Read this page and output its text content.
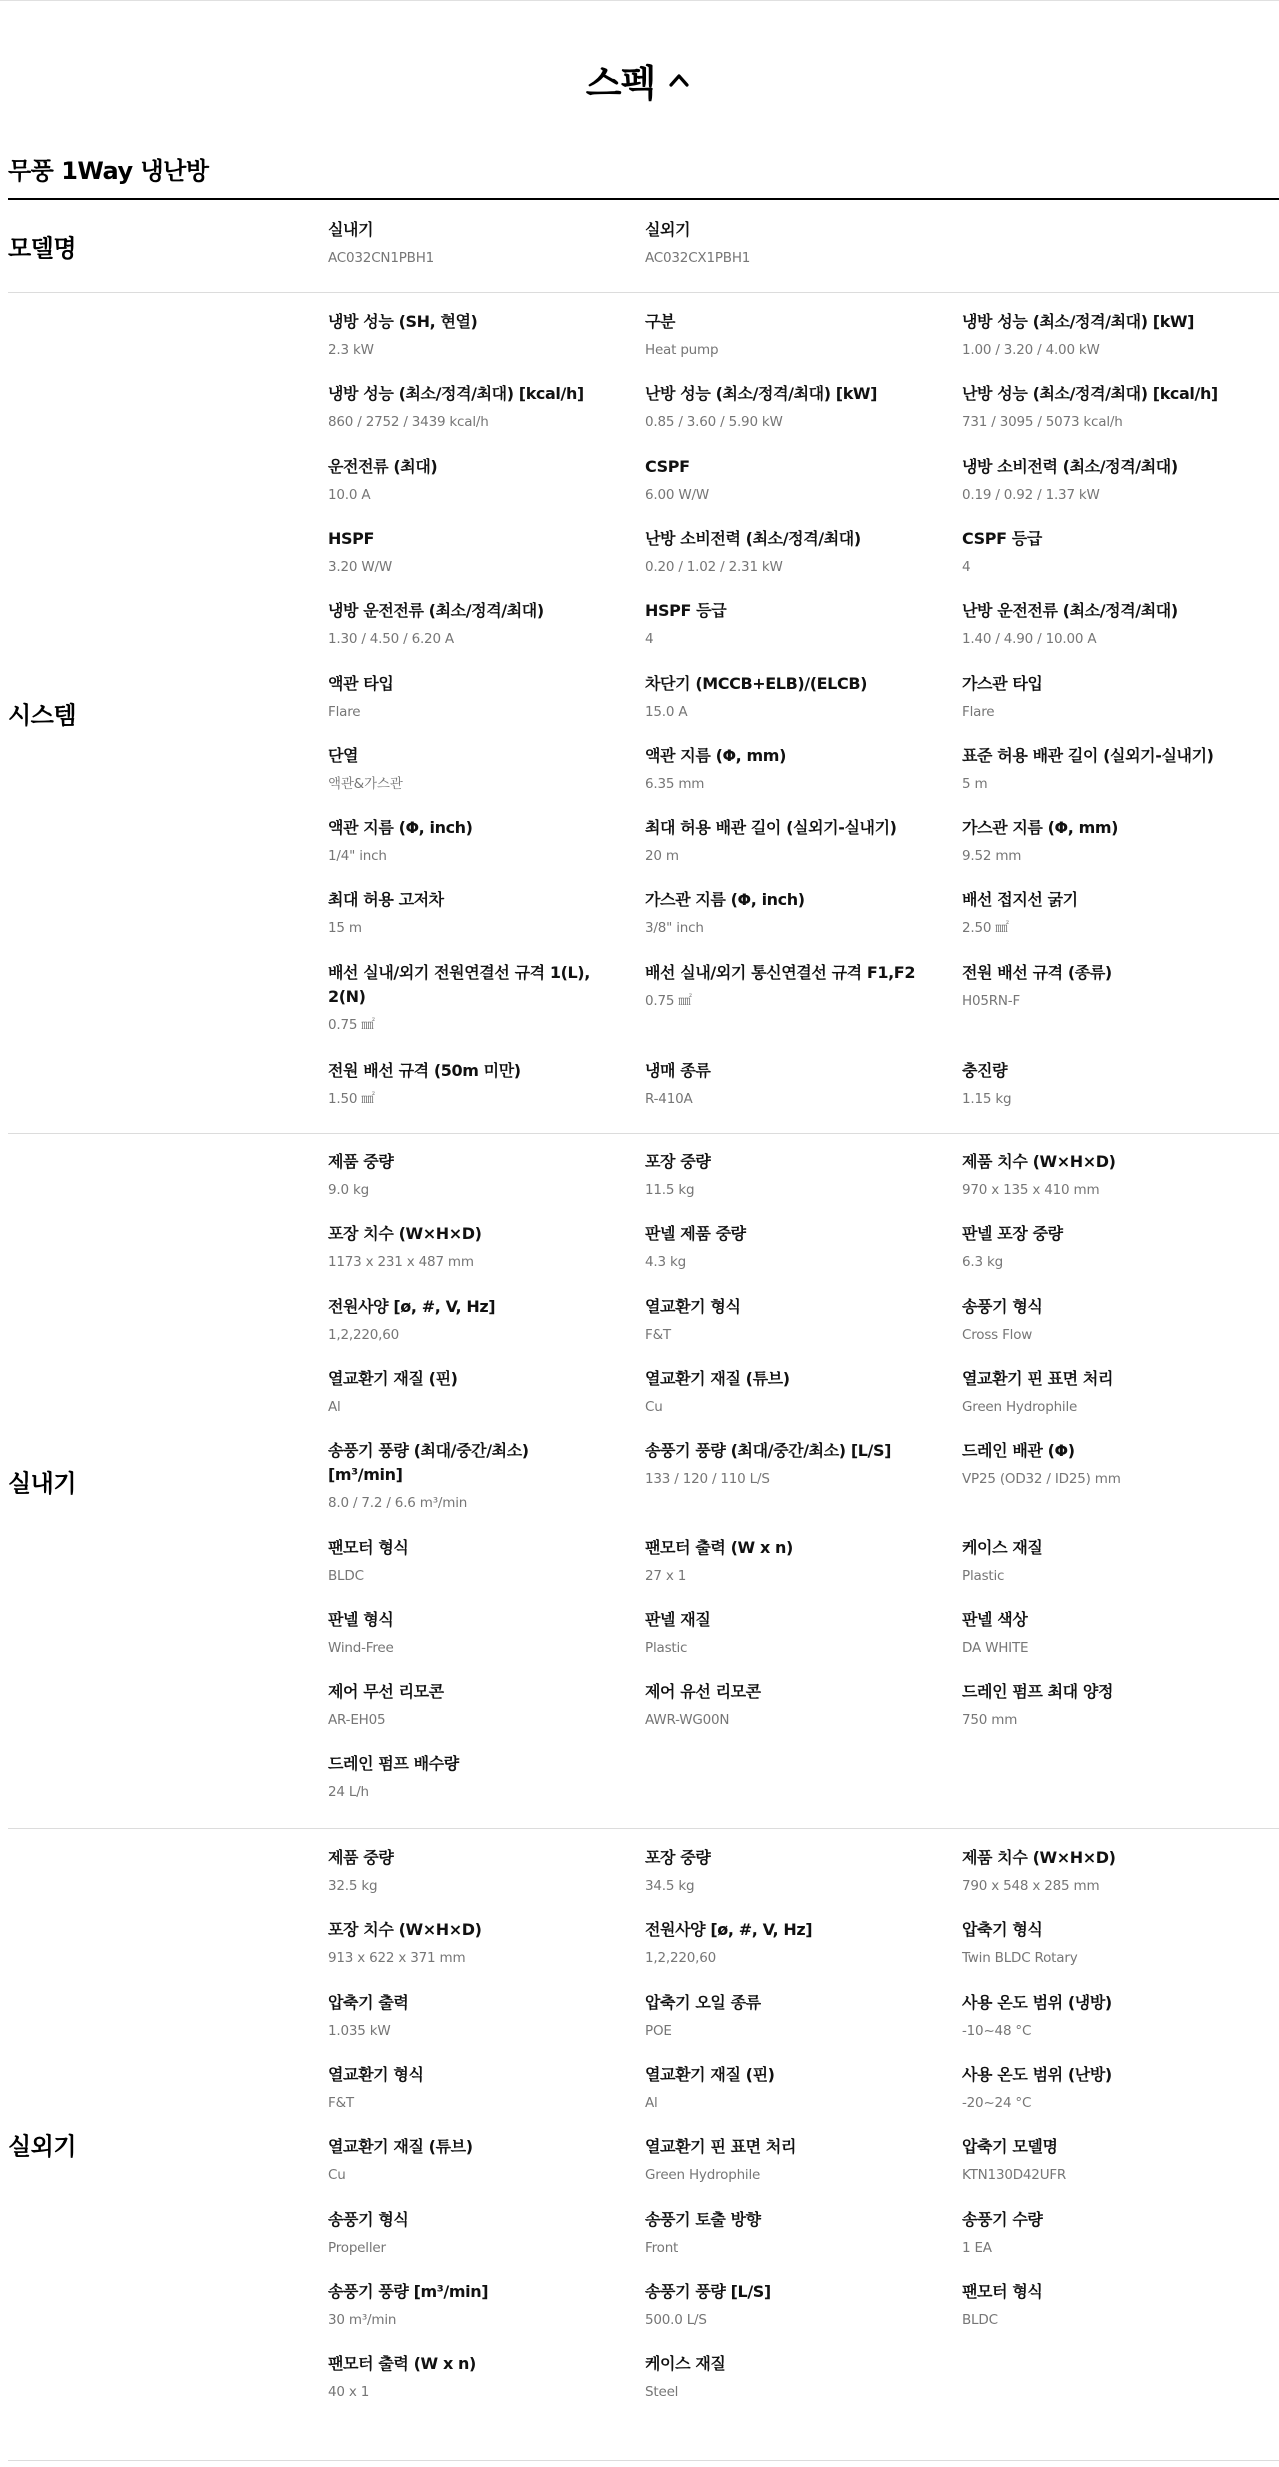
스펙
무풍 1Way 냉난방
모델명
실내기
AC032CN1PBH1
실외기
AC032CX1PBH1
시스템
냉방 성능 (SH, 현열)
2.3 kW
구분
Heat pump
냉방 성능 (최소/정격/최대) [kW]
1.00 / 3.20 / 4.00 kW
냉방 성능 (최소/정격/최대) [kcal/h]
860 / 2752 / 3439 kcal/h
난방 성능 (최소/정격/최대) [kW]
0.85 / 3.60 / 5.90 kW
난방 성능 (최소/정격/최대) [kcal/h]
731 / 3095 / 5073 kcal/h
운전전류 (최대)
10.0 A
CSPF
6.00 W/W
냉방 소비전력 (최소/정격/최대)
0.19 / 0.92 / 1.37 kW
HSPF
3.20 W/W
난방 소비전력 (최소/정격/최대)
0.20 / 1.02 / 2.31 kW
CSPF 등급
4
냉방 운전전류 (최소/정격/최대)
1.30 / 4.50 / 6.20 A
HSPF 등급
4
난방 운전전류 (최소/정격/최대)
1.40 / 4.90 / 10.00 A
액관 타입
Flare
차단기 (MCCB+ELB)/(ELCB)
15.0 A
가스관 타입
Flare
단열
액관&가스관
액관 지름 (Φ, mm)
6.35 mm
표준 허용 배관 길이 (실외기-실내기)
5 m
액관 지름 (Φ, inch)
1/4" inch
최대 허용 배관 길이 (실외기-실내기)
20 m
가스관 지름 (Φ, mm)
9.52 mm
최대 허용 고저차
15 m
가스관 지름 (Φ, inch)
3/8" inch
배선 접지선 굵기
2.50 ㎟
배선 실내/외기 전원연결선 규격 1(L), 2(N)
0.75 ㎟
배선 실내/외기 통신연결선 규격 F1,F2
0.75 ㎟
전원 배선 규격 (종류)
H05RN-F
전원 배선 규격 (50m 미만)
1.50 ㎟
냉매 종류
R-410A
충진량
1.15 kg
실내기
제품 중량
9.0 kg
포장 중량
11.5 kg
제품 치수 (W×H×D)
970 x 135 x 410 mm
포장 치수 (W×H×D)
1173 x 231 x 487 mm
판넬 제품 중량
4.3 kg
판넬 포장 중량
6.3 kg
전원사양 [ø, #, V, Hz]
1,2,220,60
열교환기 형식
F&T
송풍기 형식
Cross Flow
열교환기 재질 (핀)
Al
열교환기 재질 (튜브)
Cu
열교환기 핀 표면 처리
Green Hydrophile
송풍기 풍량 (최대/중간/최소) [m³/min]
8.0 / 7.2 / 6.6 m³/min
송풍기 풍량 (최대/중간/최소) [L/S]
133 / 120 / 110 L/S
드레인 배관 (Φ)
VP25 (OD32 / ID25) mm
팬모터 형식
BLDC
팬모터 출력 (W x n)
27 x 1
케이스 재질
Plastic
판넬 형식
Wind-Free
판넬 재질
Plastic
판넬 색상
DA WHITE
제어 무선 리모콘
AR-EH05
제어 유선 리모콘
AWR-WG00N
드레인 펌프 최대 양정
750 mm
드레인 펌프 배수량
24 L/h
실외기
제품 중량
32.5 kg
포장 중량
34.5 kg
제품 치수 (W×H×D)
790 x 548 x 285 mm
포장 치수 (W×H×D)
913 x 622 x 371 mm
전원사양 [ø, #, V, Hz]
1,2,220,60
압축기 형식
Twin BLDC Rotary
압축기 출력
1.035 kW
압축기 오일 종류
POE
사용 온도 범위 (냉방)
-10~48 °C
열교환기 형식
F&T
열교환기 재질 (핀)
Al
사용 온도 범위 (난방)
-20~24 °C
열교환기 재질 (튜브)
Cu
열교환기 핀 표면 처리
Green Hydrophile
압축기 모델명
KTN130D42UFR
송풍기 형식
Propeller
송풍기 토출 방향
Front
송풍기 수량
1 EA
송풍기 풍량 [m³/min]
30 m³/min
송풍기 풍량 [L/S]
500.0 L/S
팬모터 형식
BLDC
팬모터 출력 (W x n)
40 x 1
케이스 재질
Steel
